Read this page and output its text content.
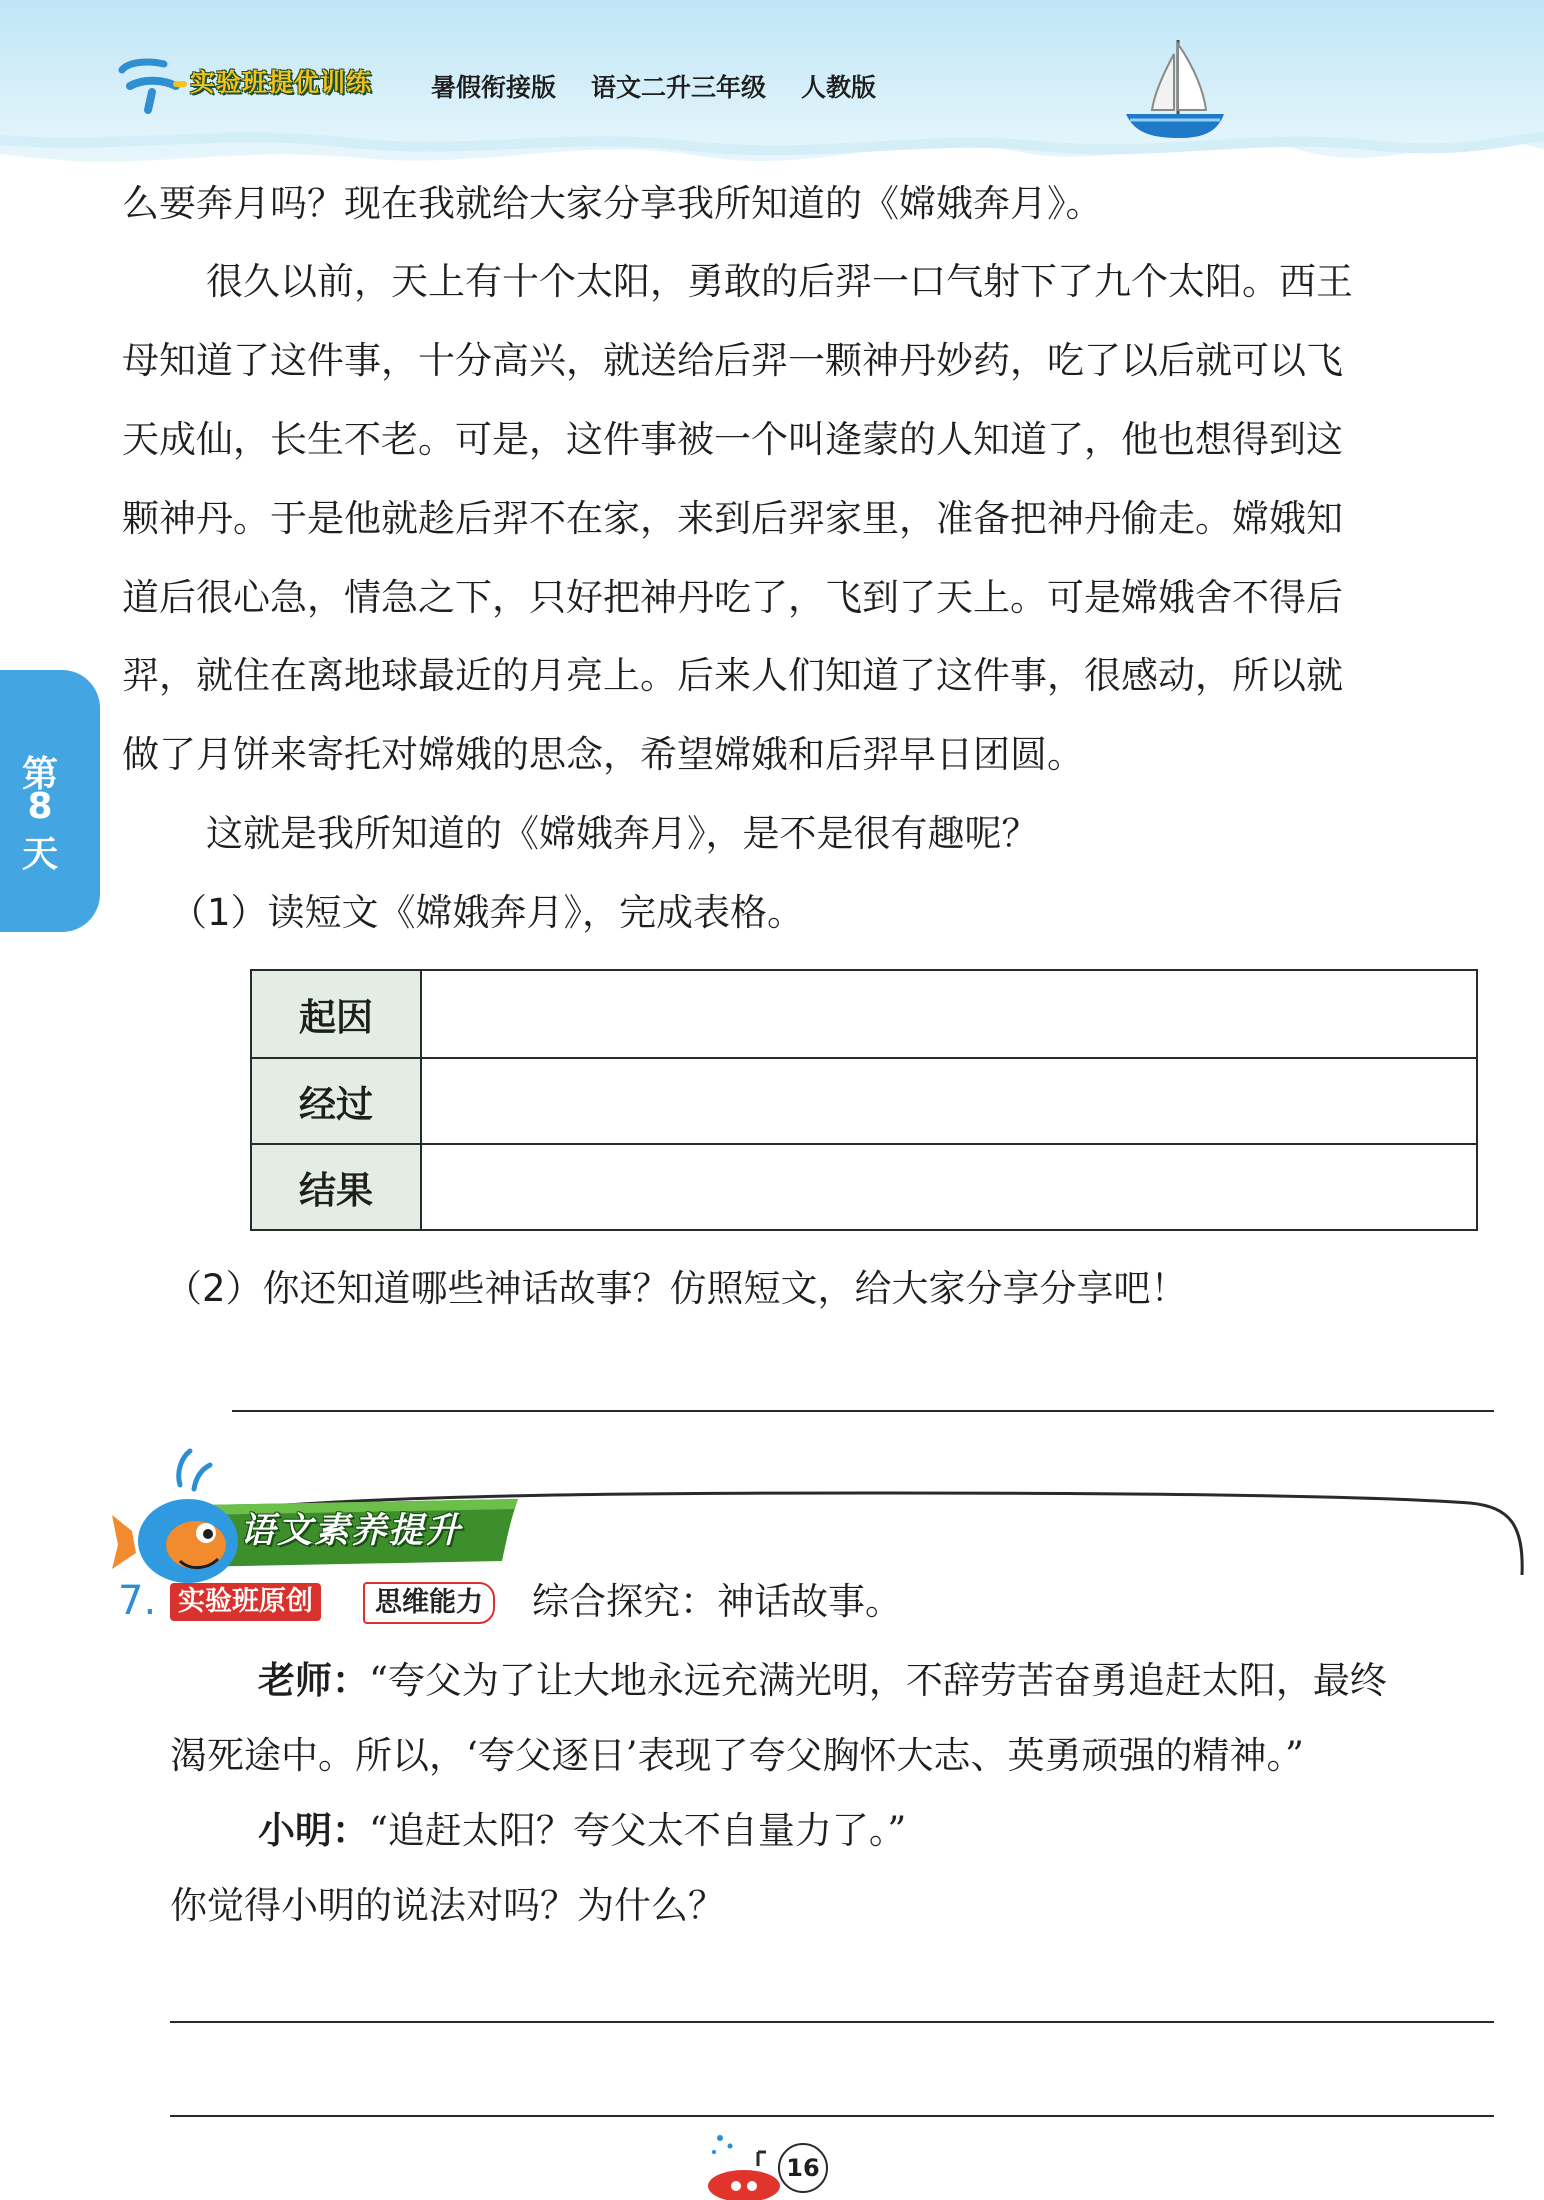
实验班提优训练 暑假衔接版 语文二升三年级 人教版
第
8
天
么要奔月吗？现在我就给大家分享我所知道的《嫦娥奔月》。
很久以前，天上有十个太阳，勇敢的后羿一口气射下了九个太阳。西王
母知道了这件事，十分高兴，就送给后羿一颗神丹妙药，吃了以后就可以飞
天成仙，长生不老。可是，这件事被一个叫逄蒙的人知道了，他也想得到这
颗神丹。于是他就趁后羿不在家，来到后羿家里，准备把神丹偷走。嫦娥知
道后很心急，情急之下，只好把神丹吃了，飞到了天上。可是嫦娥舍不得后
羿，就住在离地球最近的月亮上。后来人们知道了这件事，很感动，所以就
做了月饼来寄托对嫦娥的思念，希望嫦娥和后羿早日团圆。
这就是我所知道的《嫦娥奔月》，是不是很有趣呢？
（1）读短文《嫦娥奔月》，完成表格。
起因
经过
结果
（2）你还知道哪些神话故事？仿照短文，给大家分享分享吧！
语文素养提升
7. 实验班原创	思维能力	综合探究：神话故事。
老师：“夸父为了让大地永远充满光明，不辞劳苦奋勇追赶太阳，最终
渴死途中。所以，‘夸父逐日’表现了夸父胸怀大志、英勇顽强的精神。”
小明：“追赶太阳？夸父太不自量力了。”
你觉得小明的说法对吗？为什么？
16
